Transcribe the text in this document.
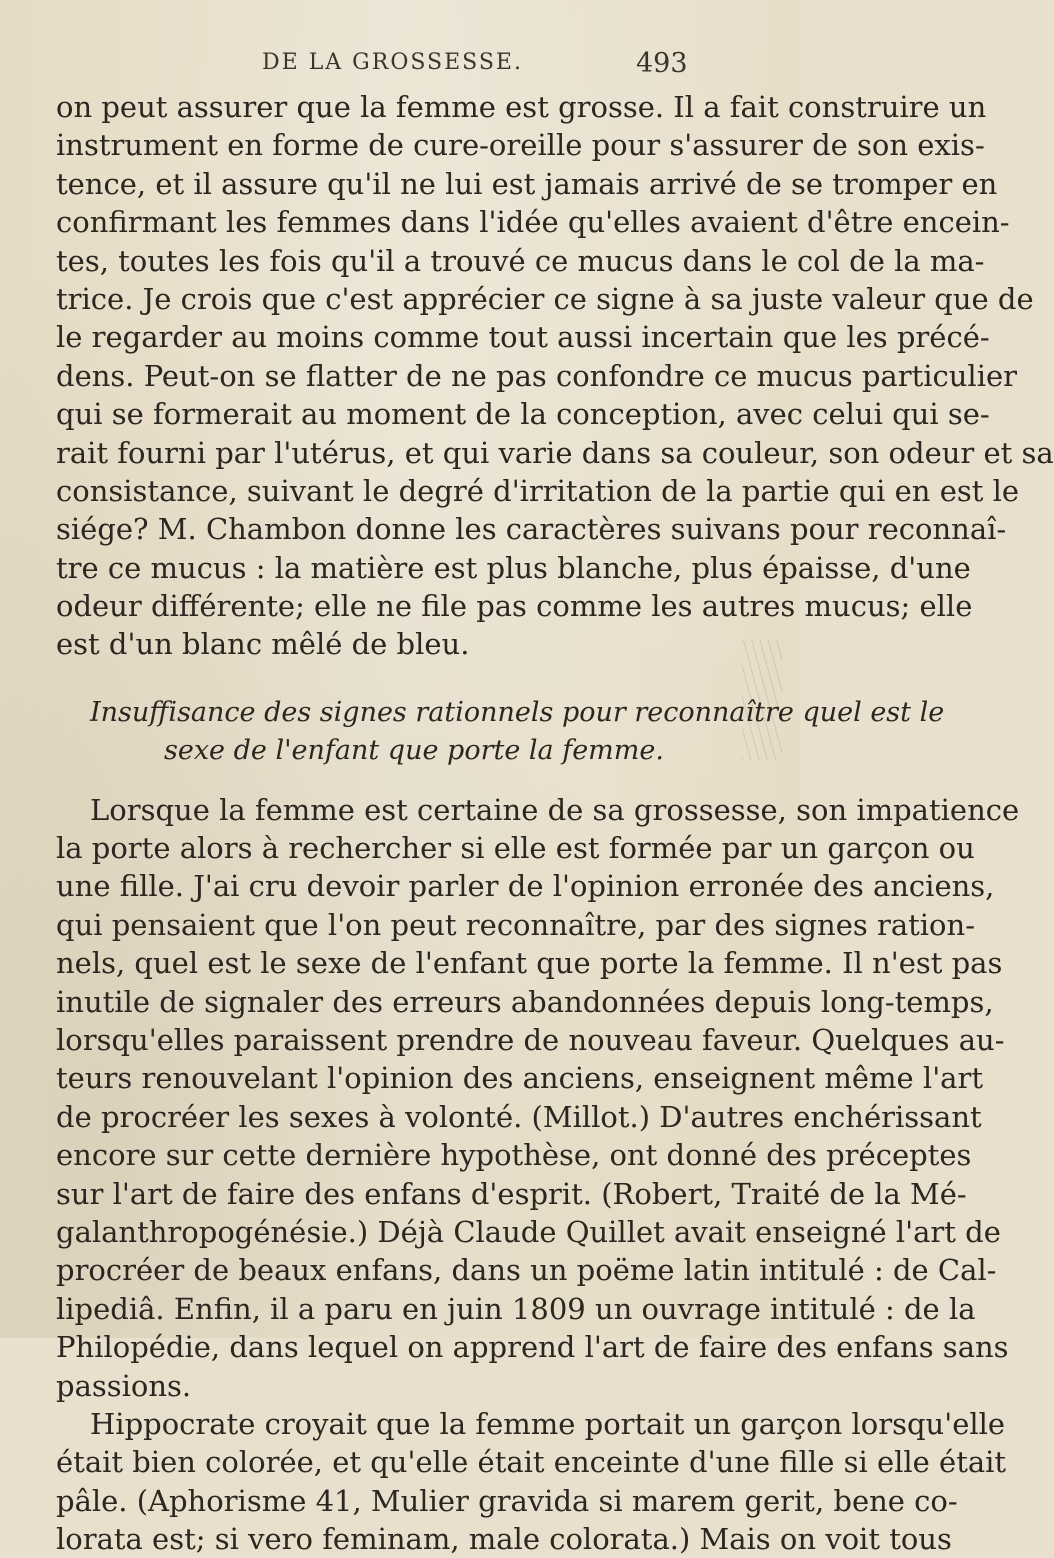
DE LA GROSSESSE.	493
on peut assurer que la femme est grosse. Il a fait construire un
instrument en forme de cure-oreille pour s'assurer de son exis-
tence, et il assure qu'il ne lui est jamais arrivé de se tromper en
confirmant les femmes dans l'idée qu'elles avaient d'être encein-
tes, toutes les fois qu'il a trouvé ce mucus dans le col de la ma-
trice. Je crois que c'est apprécier ce signe à sa juste valeur que de
le regarder au moins comme tout aussi incertain que les précé-
dens. Peut-on se flatter de ne pas confondre ce mucus particulier
qui se formerait au moment de la conception, avec celui qui se-
rait fourni par l'utérus, et qui varie dans sa couleur, son odeur et sa
consistance, suivant le degré d'irritation de la partie qui en est le
siége? M. Chambon donne les caractères suivans pour reconnaî-
tre ce mucus : la matière est plus blanche, plus épaisse, d'une
odeur différente; elle ne file pas comme les autres mucus; elle
est d'un blanc mêlé de bleu.
Insuffisance des signes rationnels pour reconnaître quel est le
sexe de l'enfant que porte la femme.
Lorsque la femme est certaine de sa grossesse, son impatience
la porte alors à rechercher si elle est formée par un garçon ou
une fille. J'ai cru devoir parler de l'opinion erronée des anciens,
qui pensaient que l'on peut reconnaître, par des signes ration-
nels, quel est le sexe de l'enfant que porte la femme. Il n'est pas
inutile de signaler des erreurs abandonnées depuis long-temps,
lorsqu'elles paraissent prendre de nouveau faveur. Quelques au-
teurs renouvelant l'opinion des anciens, enseignent même l'art
de procréer les sexes à volonté. (Millot.) D'autres enchérissant
encore sur cette dernière hypothèse, ont donné des préceptes
sur l'art de faire des enfans d'esprit. (Robert, Traité de la Mé-
galanthropogénésie.) Déjà Claude Quillet avait enseigné l'art de
procréer de beaux enfans, dans un poëme latin intitulé : de Cal-
lipediâ. Enfin, il a paru en juin 1809 un ouvrage intitulé : de la
Philopédie, dans lequel on apprend l'art de faire des enfans sans
passions.
Hippocrate croyait que la femme portait un garçon lorsqu'elle
était bien colorée, et qu'elle était enceinte d'une fille si elle était
pâle. (Aphorisme 41, Mulier gravida si marem gerit, bene co-
lorata est; si vero feminam, male colorata.) Mais on voit tous
